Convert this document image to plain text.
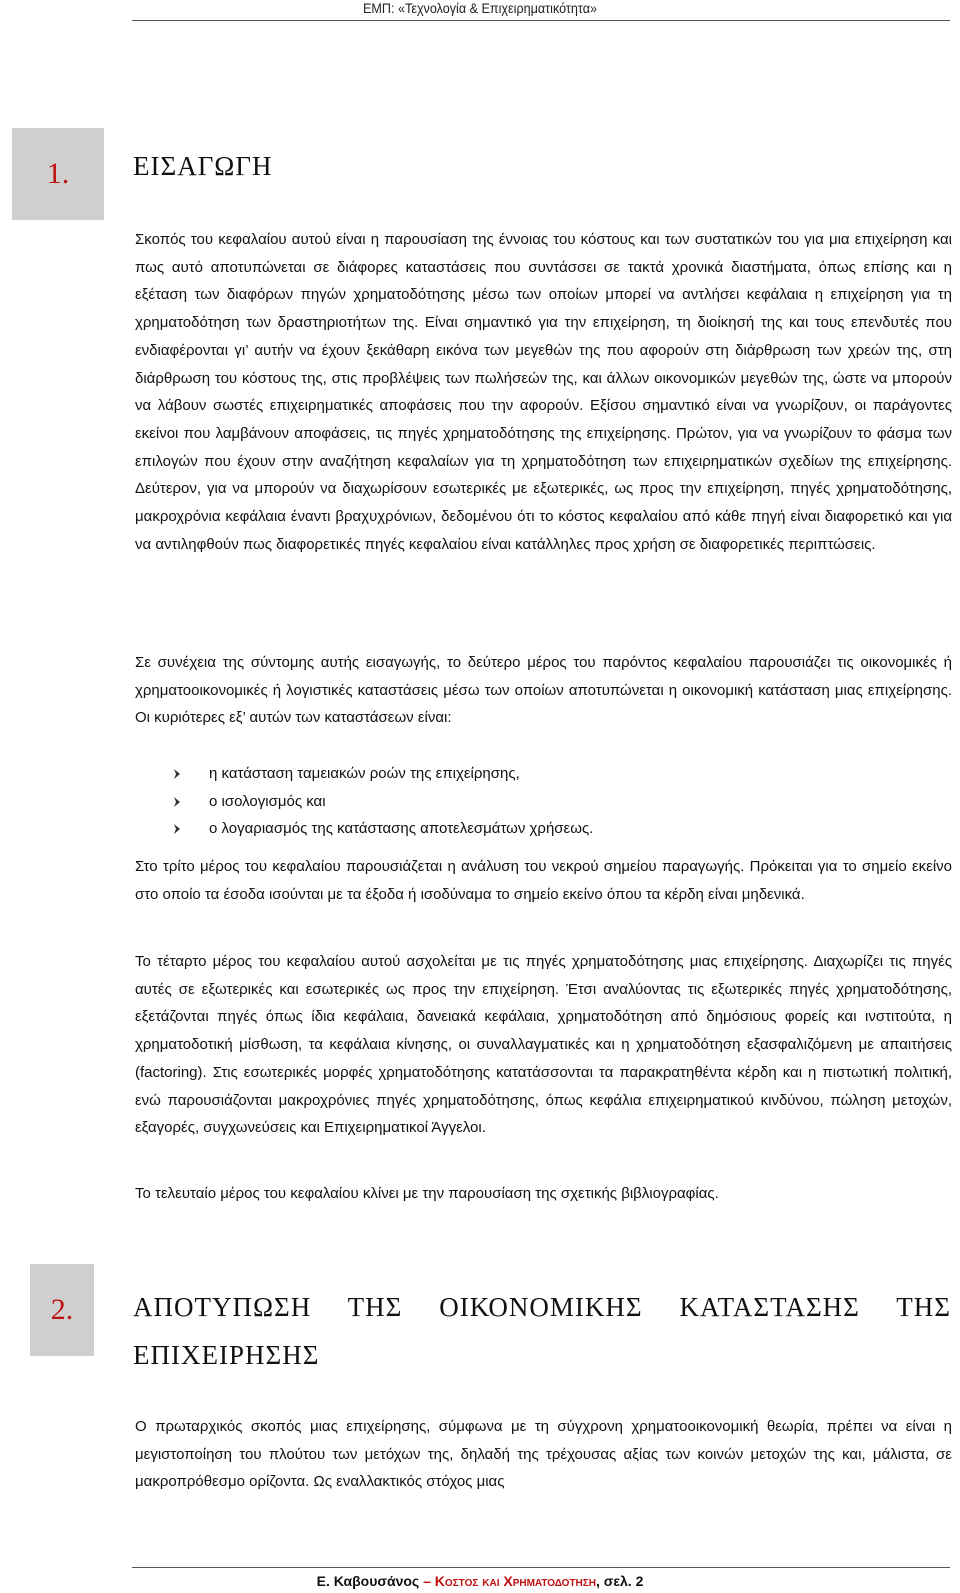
ΕΜΠ: «Τεχνολογία & Επιχειρηματικότητα»
1.	ΕΙΣΑΓΩΓΗ

Σκοπός του κεφαλαίου αυτού είναι η παρουσίαση της έννοιας του κόστους και των συστατικών του για μια επιχείρηση και πως αυτό αποτυπώνεται σε διάφορες καταστάσεις που συντάσσει σε τακτά χρονικά διαστήματα, όπως επίσης και η εξέταση των διαφόρων πηγών χρηματοδότησης μέσω των οποίων μπορεί να αντλήσει κεφάλαια η επιχείρηση για τη χρηματοδότηση των δραστηριοτήτων της. Είναι σημαντικό για την επιχείρηση, τη διοίκησή της και τους επενδυτές που ενδιαφέρονται γι’ αυτήν να έχουν ξεκάθαρη εικόνα των μεγεθών της που αφορούν στη διάρθρωση των χρεών της, στη διάρθρωση του κόστους της, στις προβλέψεις των πωλήσεών της, και άλλων οικονομικών μεγεθών της, ώστε να μπορούν να λάβουν σωστές επιχειρηματικές αποφάσεις που την αφορούν. Εξίσου σημαντικό είναι να γνωρίζουν, οι παράγοντες εκείνοι που λαμβάνουν αποφάσεις, τις πηγές χρηματοδότησης της επιχείρησης. Πρώτον, για να γνωρίζουν το φάσμα των επιλογών που έχουν στην αναζήτηση κεφαλαίων για τη χρηματοδότηση των επιχειρηματικών σχεδίων της επιχείρησης. Δεύτερον, για να μπορούν να διαχωρίσουν εσωτερικές με εξωτερικές, ως προς την επιχείρηση, πηγές χρηματοδότησης, μακροχρόνια κεφάλαια έναντι βραχυχρόνιων, δεδομένου ότι το κόστος κεφαλαίου από κάθε πηγή είναι διαφορετικό και για να αντιληφθούν πως διαφορετικές πηγές κεφαλαίου είναι κατάλληλες προς χρήση σε διαφορετικές περιπτώσεις.

Σε συνέχεια της σύντομης αυτής εισαγωγής, το δεύτερο μέρος του παρόντος κεφαλαίου παρουσιάζει τις οικονομικές ή χρηματοοικονομικές ή λογιστικές καταστάσεις μέσω των οποίων αποτυπώνεται η οικονομική κατάσταση μιας επιχείρησης. Οι κυριότερες εξ’ αυτών των καταστάσεων είναι:

η κατάσταση ταμειακών ροών της επιχείρησης,
ο ισολογισμός και
ο λογαριασμός της κατάστασης αποτελεσμάτων χρήσεως.

Στο τρίτο μέρος του κεφαλαίου παρουσιάζεται η ανάλυση του νεκρού σημείου παραγωγής. Πρόκειται για το σημείο εκείνο στο οποίο τα έσοδα ισούνται με τα έξοδα ή ισοδύναμα το σημείο εκείνο όπου τα κέρδη είναι μηδενικά.

Το τέταρτο μέρος του κεφαλαίου αυτού ασχολείται με τις πηγές χρηματοδότησης μιας επιχείρησης. Διαχωρίζει τις πηγές αυτές σε εξωτερικές και εσωτερικές ως προς την επιχείρηση. Έτσι αναλύοντας τις εξωτερικές πηγές χρηματοδότησης, εξετάζονται πηγές όπως ίδια κεφάλαια, δανειακά κεφάλαια, χρηματοδότηση από δημόσιους φορείς και ινστιτούτα, η χρηματοδοτική μίσθωση, τα κεφάλαια κίνησης, οι συναλλαγματικές και η χρηματοδότηση εξασφαλιζόμενη με απαιτήσεις (factoring). Στις εσωτερικές μορφές χρηματοδότησης κατατάσσονται τα παρακρατηθέντα κέρδη και η πιστωτική πολιτική, ενώ παρουσιάζονται μακροχρόνιες πηγές χρηματοδότησης, όπως κεφάλια επιχειρηματικού κινδύνου, πώληση μετοχών, εξαγορές, συγχωνεύσεις και Επιχειρηματικοί Άγγελοι.

Το τελευταίο μέρος του κεφαλαίου κλίνει με την παρουσίαση της σχετικής βιβλιογραφίας.

2.	ΑΠΟΤΥΠΩΣΗ ΤΗΣ ΟΙΚΟΝΟΜΙΚΗΣ ΚΑΤΑΣΤΑΣΗΣ ΤΗΣ
ΕΠΙΧΕΙΡΗΣΗΣ

Ο πρωταρχικός σκοπός μιας επιχείρησης, σύμφωνα με τη σύγχρονη χρηματοοικονομική θεωρία, πρέπει να είναι η μεγιστοποίηση του πλούτου των μετόχων της, δηλαδή της τρέχουσας αξίας των κοινών μετοχών της και, μάλιστα, σε μακροπρόθεσμο ορίζοντα. Ως εναλλακτικός στόχος μιας

Ε. Καβουσάνος – Κοστος και Χρηματοδοτηση, σελ. 2
